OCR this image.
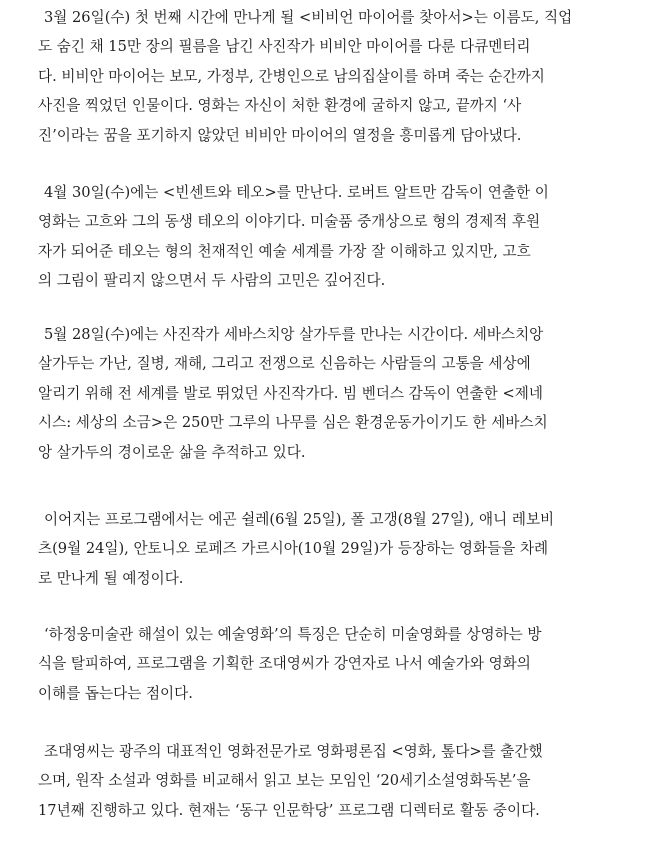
3월 26일(수) 첫 번째 시간에 만나게 될 <비비언 마이어를 찾아서>는 이름도, 직업
도 숨긴 채 15만 장의 필름을 남긴 사진작가 비비안 마이어를 다룬 다큐멘터리
다. 비비안 마이어는 보모, 가정부, 간병인으로 남의집살이를 하며 죽는 순간까지
사진을 찍었던 인물이다. 영화는 자신이 처한 환경에 굴하지 않고, 끝까지 ‘사
진’이라는 꿈을 포기하지 않았던 비비안 마이어의 열정을 흥미롭게 담아냈다.

4월 30일(수)에는 <빈센트와 테오>를 만난다. 로버트 알트만 감독이 연출한 이
영화는 고흐와 그의 동생 테오의 이야기다. 미술품 중개상으로 형의 경제적 후원
자가 되어준 테오는 형의 천재적인 예술 세계를 가장 잘 이해하고 있지만, 고흐
의 그림이 팔리지 않으면서 두 사람의 고민은 깊어진다.

5월 28일(수)에는 사진작가 세바스치앙 살가두를 만나는 시간이다. 세바스치앙
살가두는 가난, 질병, 재해, 그리고 전쟁으로 신음하는 사람들의 고통을 세상에
알리기 위해 전 세계를 발로 뛰었던 사진작가다. 빔 벤더스 감독이 연출한 <제네
시스: 세상의 소금>은 250만 그루의 나무를 심은 환경운동가이기도 한 세바스치
앙 살가두의 경이로운 삶을 추적하고 있다.

이어지는 프로그램에서는 에곤 쉴레(6월 25일), 폴 고갱(8월 27일), 애니 레보비
츠(9월 24일), 안토니오 로페즈 가르시아(10월 29일)가 등장하는 영화들을 차례
로 만나게 될 예정이다.

‘하정웅미술관 해설이 있는 예술영화’의 특징은 단순히 미술영화를 상영하는 방
식을 탈피하여, 프로그램을 기획한 조대영씨가 강연자로 나서 예술가와 영화의
이해를 돕는다는 점이다.

조대영씨는 광주의 대표적인 영화전문가로 영화평론집 <영화, 톺다>를 출간했
으며, 원작 소설과 영화를 비교해서 읽고 보는 모임인 ‘20세기소설영화독본’을
17년째 진행하고 있다. 현재는 ‘동구 인문학당’ 프로그램 디렉터로 활동 중이다.
